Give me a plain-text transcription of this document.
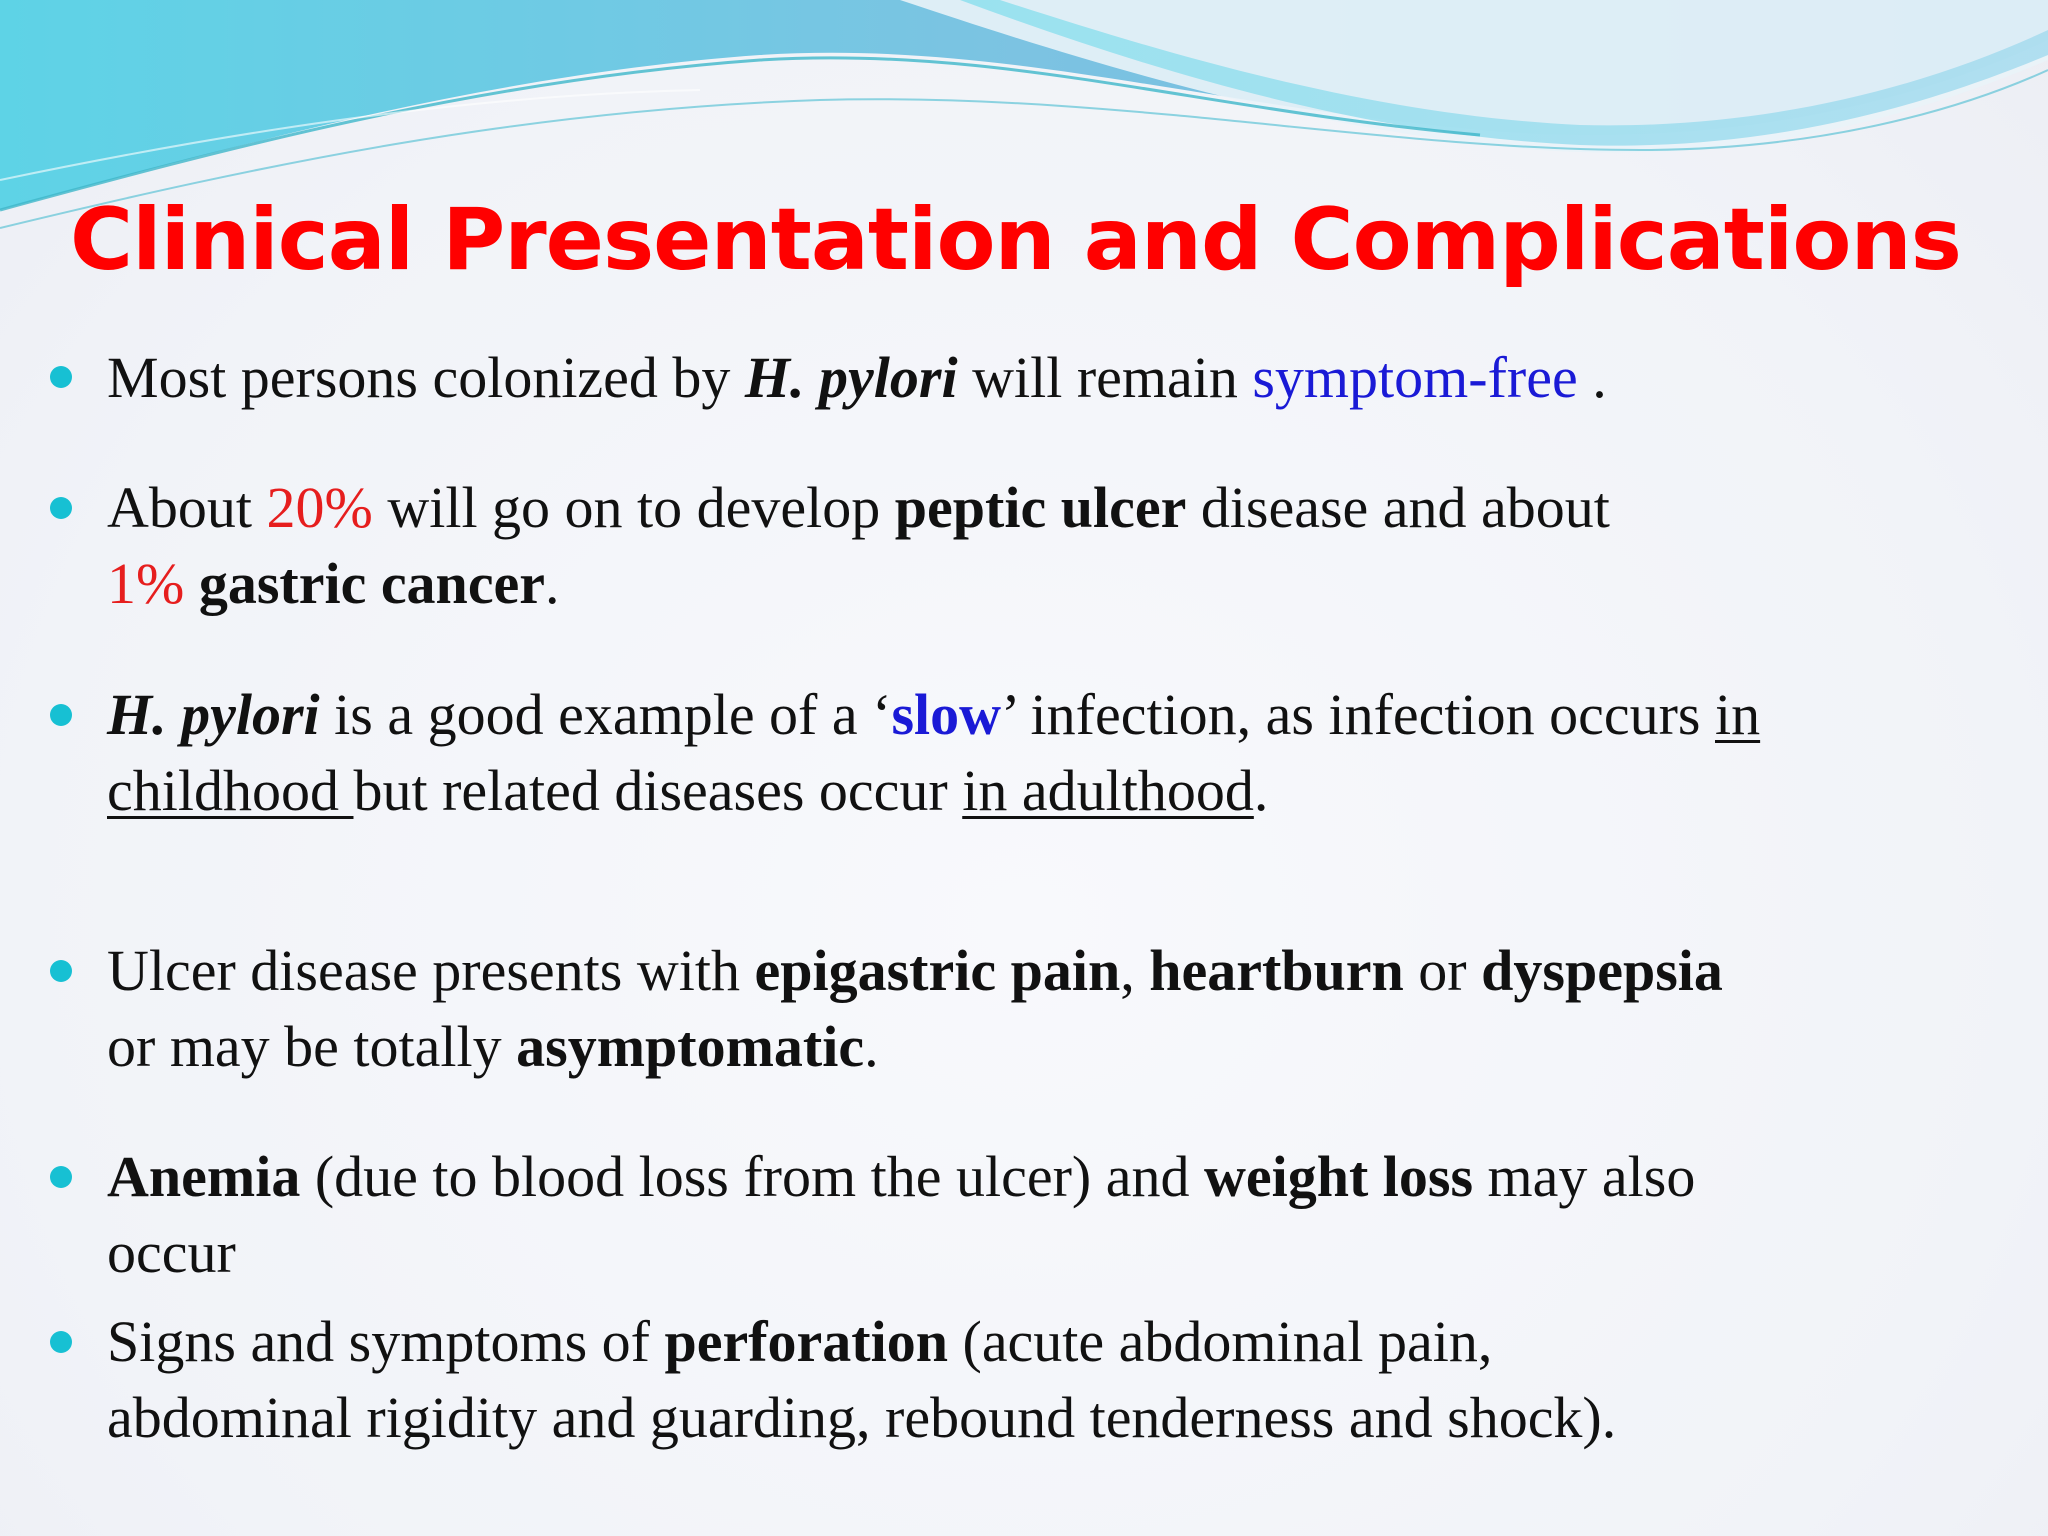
Clinical Presentation and Complications
Most persons colonized by H. pylori will remain symptom-free .
About 20% will go on to develop peptic ulcer disease and about
1% gastric cancer.
H. pylori is a good example of a ‘slow’ infection, as infection occurs in
childhood but related diseases occur in adulthood.
Ulcer disease presents with epigastric pain, heartburn or dyspepsia
or may be totally asymptomatic.
Anemia (due to blood loss from the ulcer) and weight loss may also
occur
Signs and symptoms of perforation (acute abdominal pain,
abdominal rigidity and guarding, rebound tenderness and shock).
